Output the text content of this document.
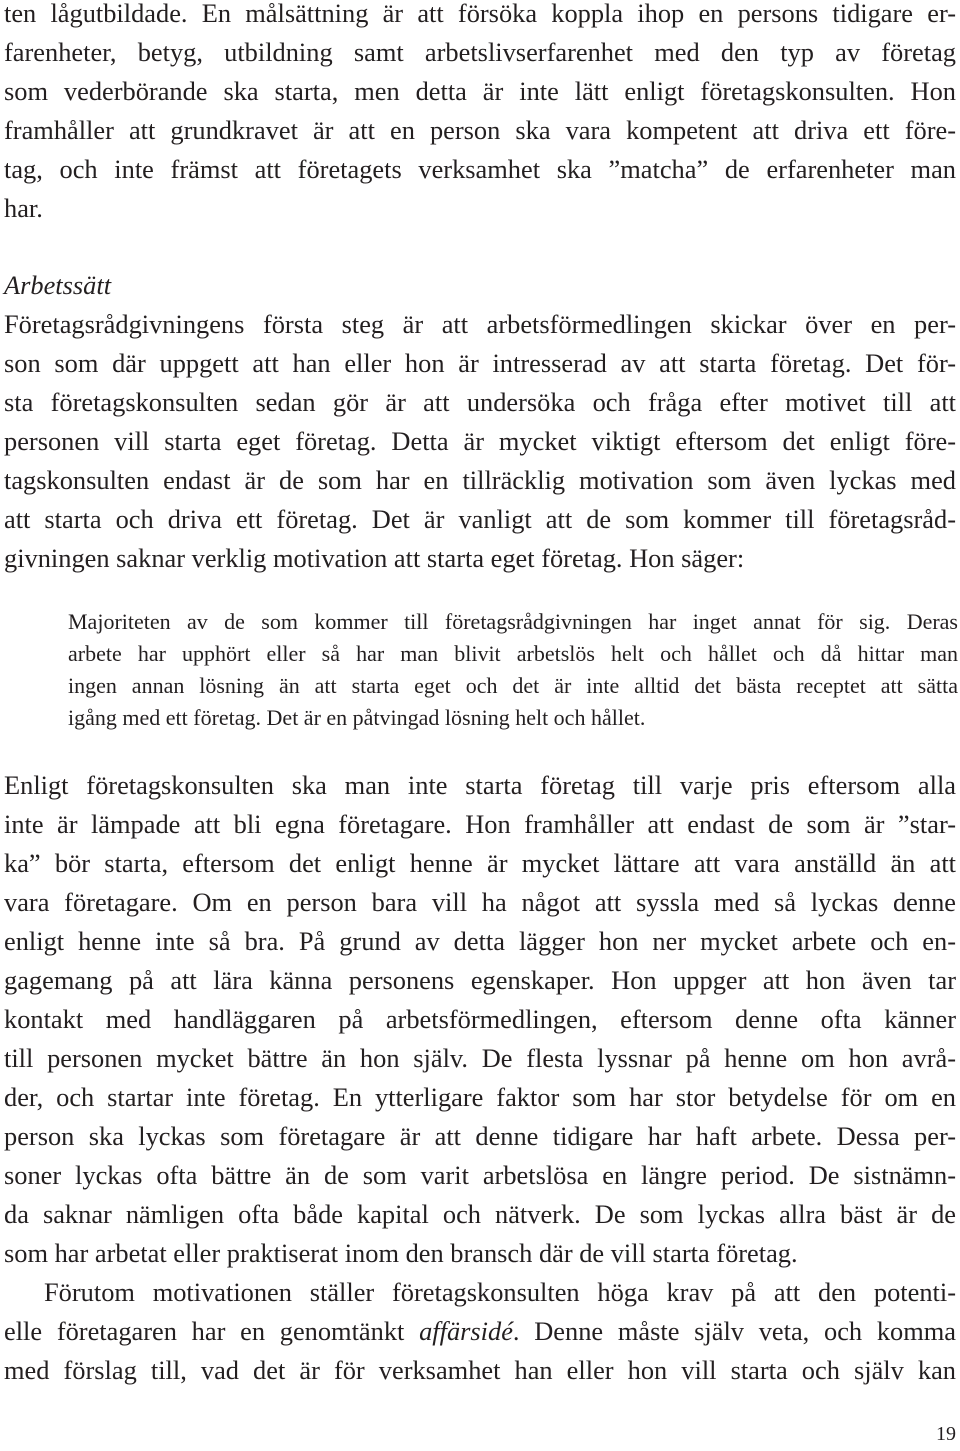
ten lågutbildade. En målsättning är att försöka koppla ihop en persons tidigare er-
farenheter, betyg, utbildning samt arbetslivserfarenhet med den typ av företag
som vederbörande ska starta, men detta är inte lätt enligt företagskonsulten. Hon
framhåller att grundkravet är att en person ska vara kompetent att driva ett före-
tag, och inte främst att företagets verksamhet ska ”matcha” de erfarenheter man
har.
Arbetssätt
Företagsrådgivningens första steg är att arbetsförmedlingen skickar över en per-
son som där uppgett att han eller hon är intresserad av att starta företag. Det för-
sta företagskonsulten sedan gör är att undersöka och fråga efter motivet till att
personen vill starta eget företag. Detta är mycket viktigt eftersom det enligt före-
tagskonsulten endast är de som har en tillräcklig motivation som även lyckas med
att starta och driva ett företag. Det är vanligt att de som kommer till företagsråd-
givningen saknar verklig motivation att starta eget företag. Hon säger:
Majoriteten av de som kommer till företagsrådgivningen har inget annat för sig. Deras
arbete har upphört eller så har man blivit arbetslös helt och hållet och då hittar man
ingen annan lösning än att starta eget och det är inte alltid det bästa receptet att sätta
igång med ett företag. Det är en påtvingad lösning helt och hållet.
Enligt företagskonsulten ska man inte starta företag till varje pris eftersom alla
inte är lämpade att bli egna företagare. Hon framhåller att endast de som är ”star-
ka” bör starta, eftersom det enligt henne är mycket lättare att vara anställd än att
vara företagare. Om en person bara vill ha något att syssla med så lyckas denne
enligt henne inte så bra. På grund av detta lägger hon ner mycket arbete och en-
gagemang på att lära känna personens egenskaper. Hon uppger att hon även tar
kontakt med handläggaren på arbetsförmedlingen, eftersom denne ofta känner
till personen mycket bättre än hon själv. De flesta lyssnar på henne om hon avrå-
der, och startar inte företag. En ytterligare faktor som har stor betydelse för om en
person ska lyckas som företagare är att denne tidigare har haft arbete. Dessa per-
soner lyckas ofta bättre än de som varit arbetslösa en längre period. De sistnämn-
da saknar nämligen ofta både kapital och nätverk. De som lyckas allra bäst är de
som har arbetat eller praktiserat inom den bransch där de vill starta företag.
Förutom motivationen ställer företagskonsulten höga krav på att den potenti-
elle företagaren har en genomtänkt affärsidé. Denne måste själv veta, och komma
med förslag till, vad det är för verksamhet han eller hon vill starta och själv kan
19
